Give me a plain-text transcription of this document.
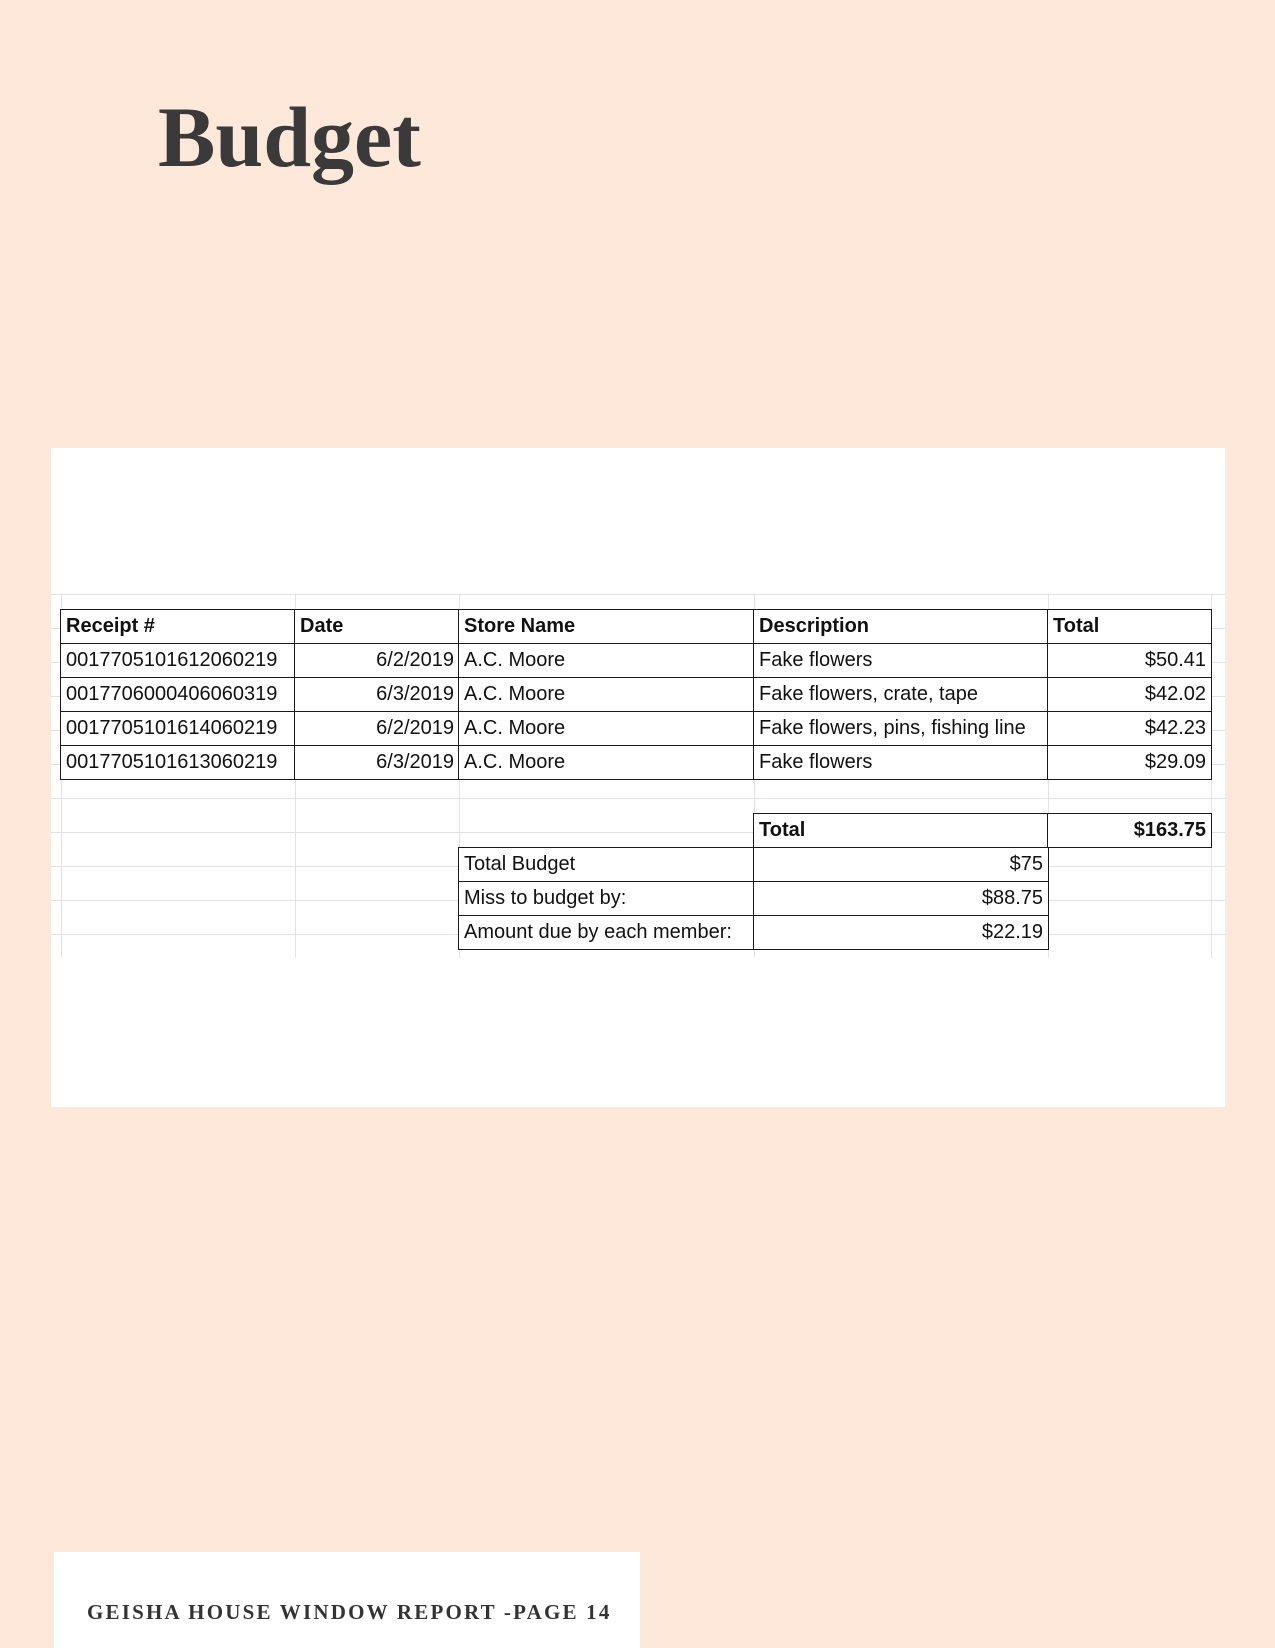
Budget
Receipt #	Date	Store Name	Description	Total
0017705101612060219	6/2/2019 A.C. Moore	Fake flowers	$50.41
0017706000406060319	6/3/2019 A.C. Moore	Fake flowers, crate, tape	$42.02
0017705101614060219	6/2/2019 A.C. Moore	Fake flowers, pins, fishing line	$42.23
0017705101613060219	6/3/2019 A.C. Moore	Fake flowers	$29.09
Total	$163.75
Total Budget	$75
Miss to budget by:	$88.75
Amount due by each member:	$22.19
GEISHA HOUSE WINDOW REPORT -PAGE 14
